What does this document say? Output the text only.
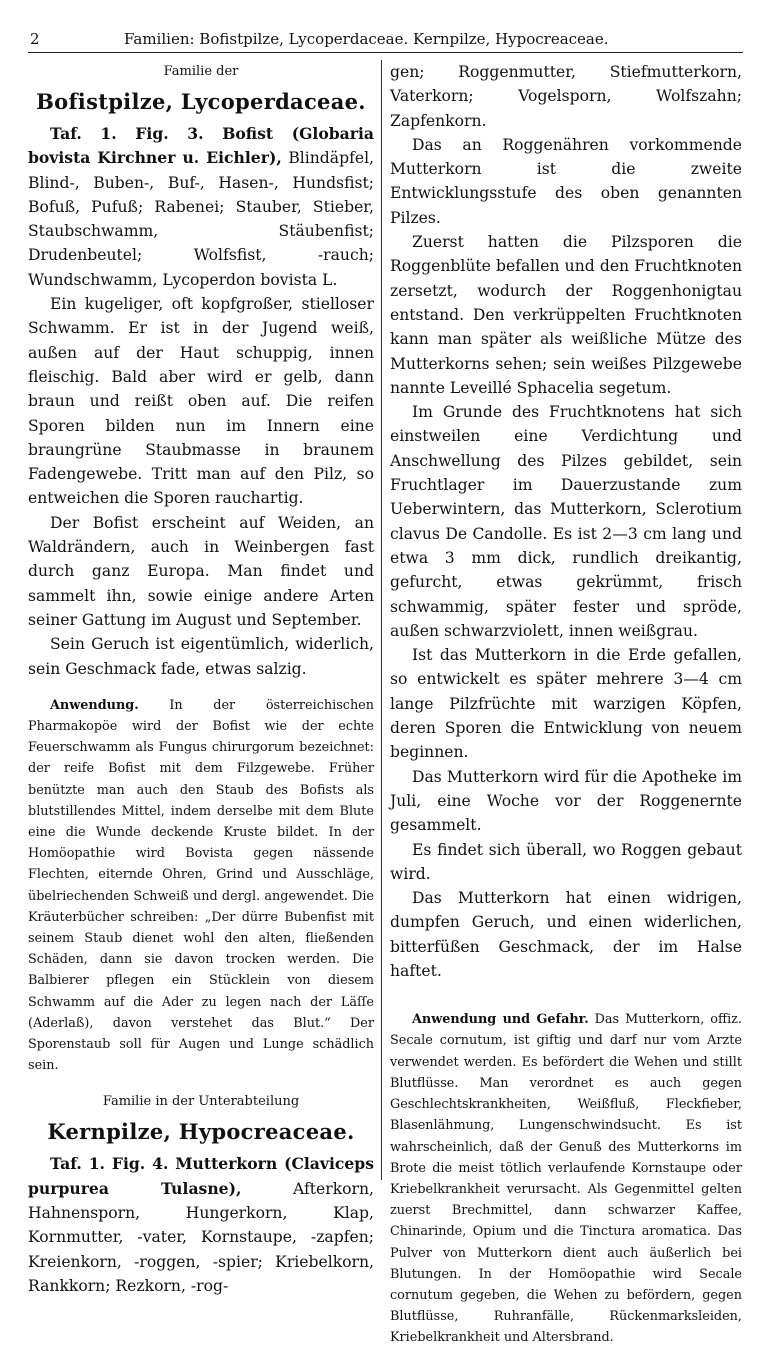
2	Familien: Bofistpilze, Lycoperdaceae. Kernpilze, Hypocreaceae.

Familie der

Bofistpilze, Lycoperdaceae.

Taf. 1. Fig. 3. Bofist (Globaria bovista Kirchner u. Eichler), Blindäpfel, Blind-, Buben-, Buf-, Hasen-, Hundsfist; Bofuß, Pufuß; Rabenei; Stauber, Stieber, Staubschwamm, Stäubenfist; Drudenbeutel; Wolfsfist, -rauch; Wundschwamm, Lycoperdon bovista L.

Ein kugeliger, oft kopfgroßer, stielloser Schwamm. Er ist in der Jugend weiß, außen auf der Haut schuppig, innen fleischig. Bald aber wird er gelb, dann braun und reißt oben auf. Die reifen Sporen bilden nun im Innern eine braungrüne Staubmasse in braunem Fadengewebe. Tritt man auf den Pilz, so entweichen die Sporen rauchartig.

Der Bofist erscheint auf Weiden, an Waldrändern, auch in Weinbergen fast durch ganz Europa. Man findet und sammelt ihn, sowie einige andere Arten seiner Gattung im August und September.

Sein Geruch ist eigentümlich, widerlich, sein Geschmack fade, etwas salzig.

Anwendung. In der österreichischen Pharmakopöe wird der Bofist wie der echte Feuerschwamm als Fungus chirurgorum bezeichnet: der reife Bofist mit dem Filzgewebe. Früher benützte man auch den Staub des Bofists als blutstillendes Mittel, indem derselbe mit dem Blute eine die Wunde deckende Kruste bildet. In der Homöopathie wird Bovista gegen nässende Flechten, eiternde Ohren, Grind und Ausschläge, übelriechenden Schweiß und dergl. angewendet. Die Kräuterbücher schreiben: „Der dürre Bubenfist mit seinem Staub dienet wohl den alten, fließenden Schäden, dann sie davon trocken werden. Die Balbierer pflegen ein Stücklein von diesem Schwamm auf die Ader zu legen nach der Läſſe (Aderlaß), davon verstehet das Blut.“ Der Sporenstaub soll für Augen und Lunge schädlich sein.

Familie in der Unterabteilung

Kernpilze, Hypocreaceae.

Taf. 1. Fig. 4. Mutterkorn (Claviceps purpurea Tulasne), Afterkorn, Hahnensporn, Hungerkorn, Klap, Kornmutter, -vater, Kornstaupe, -zapfen; Kreienkorn, -roggen, -spier; Kriebelkorn, Rankkorn; Rezkorn, -rog-

gen; Roggenmutter, Stiefmutterkorn, Vaterkorn; Vogelsporn, Wolfszahn; Zapfenkorn.

Das an Roggenähren vorkommende Mutterkorn ist die zweite Entwicklungsstufe des oben genannten Pilzes.

Zuerst hatten die Pilzsporen die Roggenblüte befallen und den Fruchtknoten zersetzt, wodurch der Roggenhonigtau entstand. Den verkrüppelten Fruchtknoten kann man später als weißliche Mütze des Mutterkorns sehen; sein weißes Pilzgewebe nannte Leveillé Sphacelia segetum.

Im Grunde des Fruchtknotens hat sich einstweilen eine Verdichtung und Anschwellung des Pilzes gebildet, sein Fruchtlager im Dauerzustande zum Ueberwintern, das Mutterkorn, Sclerotium clavus De Candolle. Es ist 2—3 cm lang und etwa 3 mm dick, rundlich dreikantig, gefurcht, etwas gekrümmt, frisch schwammig, später fester und spröde, außen schwarzviolett, innen weißgrau.

Ist das Mutterkorn in die Erde gefallen, so entwickelt es später mehrere 3—4 cm lange Pilzfrüchte mit warzigen Köpfen, deren Sporen die Entwicklung von neuem beginnen.

Das Mutterkorn wird für die Apotheke im Juli, eine Woche vor der Roggenernte gesammelt.

Es findet sich überall, wo Roggen gebaut wird.

Das Mutterkorn hat einen widrigen, dumpfen Geruch, und einen widerlichen, bitterfüßen Geschmack, der im Halse haftet.

Anwendung und Gefahr. Das Mutterkorn, offiz. Secale cornutum, ist giftig und darf nur vom Arzte verwendet werden. Es befördert die Wehen und stillt Blutflüsse. Man verordnet es auch gegen Geschlechtskrankheiten, Weißfluß, Fleckfieber, Blasenlähmung, Lungenschwindsucht. Es ist wahrscheinlich, daß der Genuß des Mutterkorns im Brote die meist tötlich verlaufende Kornstaupe oder Kriebelkrankheit verursacht. Als Gegenmittel gelten zuerst Brechmittel, dann schwarzer Kaffee, Chinarinde, Opium und die Tinctura aromatica. Das Pulver von Mutterkorn dient auch äußerlich bei Blutungen. In der Homöopathie wird Secale cornutum gegeben, die Wehen zu befördern, gegen Blutflüsse, Ruhranfälle, Rückenmarksleiden, Kriebelkrankheit und Altersbrand.
